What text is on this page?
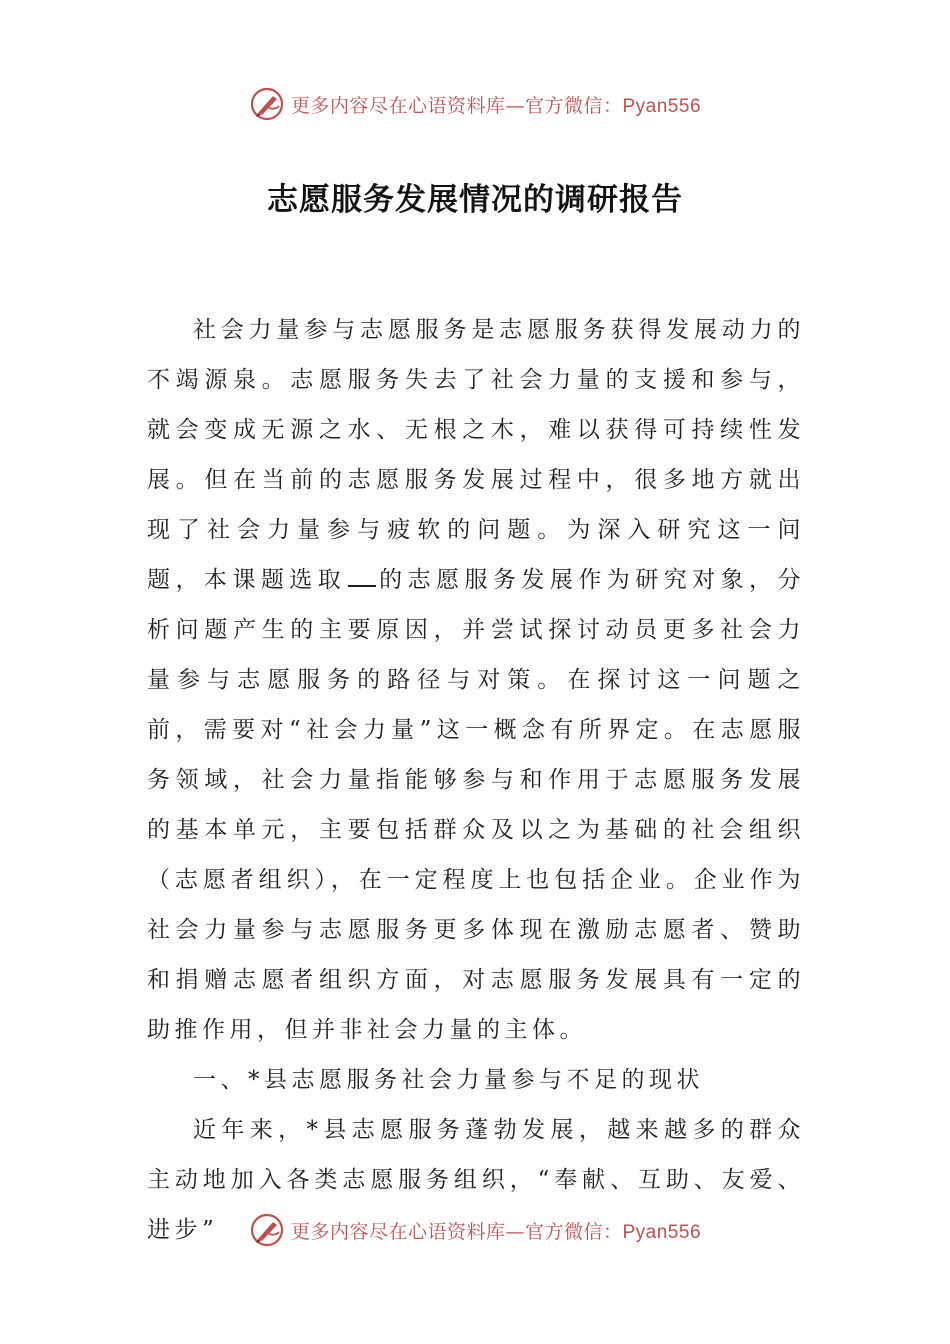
更多内容尽在心语资料库—官方微信：Pyan556
志愿服务发展情况的调研报告

社会力量参与志愿服务是志愿服务获得发展动力的不竭源泉。志愿服务失去了社会力量的支援和参与，就会变成无源之水、无根之木，难以获得可持续性发展。但在当前的志愿服务发展过程中，很多地方就出现了社会力量参与疲软的问题。为深入研究这一问题，本课题选取 的志愿服务发展作为研究对象，分析问题产生的主要原因，并尝试探讨动员更多社会力量参与志愿服务的路径与对策。在探讨这一问题之前，需要对“社会力量”这一概念有所界定。在志愿服务领域，社会力量指能够参与和作用于志愿服务发展的基本单元，主要包括群众及以之为基础的社会组织（志愿者组织），在一定程度上也包括企业。企业作为社会力量参与志愿服务更多体现在激励志愿者、赞助和捐赠志愿者组织方面，对志愿服务发展具有一定的助推作用，但并非社会力量的主体。

一、*县志愿服务社会力量参与不足的现状

近年来，*县志愿服务蓬勃发展，越来越多的群众主动地加入各类志愿服务组织，“奉献、互助、友爱、进步”	更多内容尽在心语资料库—官方微信：Pyan556
